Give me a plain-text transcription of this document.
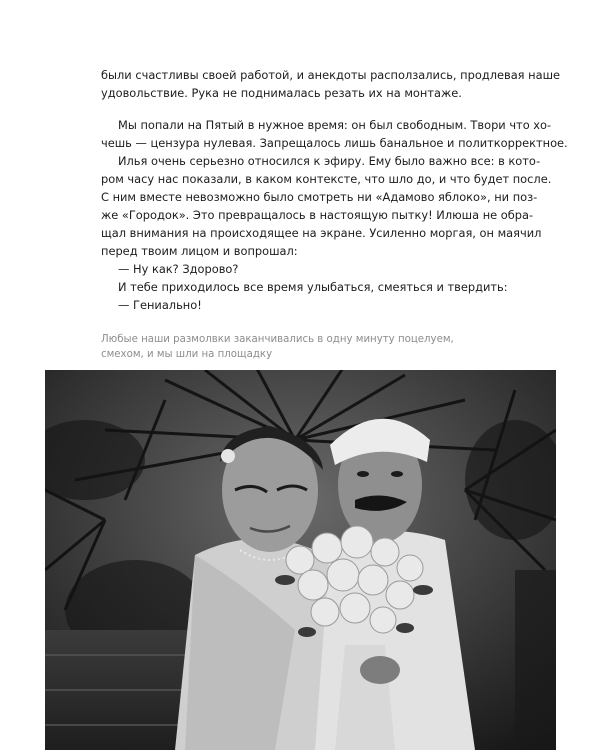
были счастливы своей работой, и анекдоты расползались, продлевая наше

удовольствие. Рука не поднималась резать их на монтаже.

Мы попали на Пятый в нужное время: он был свободным. Твори что хо-

чешь — цензура нулевая. Запрещалось лишь банальное и политкорректное.

Илья очень серьезно относился к эфиру. Ему было важно все: в котo-

ром часу нас показали, в каком контексте, что шло до, и что будет после.

С ним вместе невозможно было смотреть ни «Адамово яблоко», ни поз-

же «Городок». Это превращалось в настоящую пытку! Илюша не обра-

щал внимания на происходящее на экране. Усиленно моргая, он маячил

перед твоим лицом и вопрошал:

— Ну как? Здорово?

И тебе приходилось все время улыбаться, смеяться и твердить:

— Гениально!

Любые наши размолвки заканчивались в одну минуту поцелуем,
смехом, и мы шли на площадку
